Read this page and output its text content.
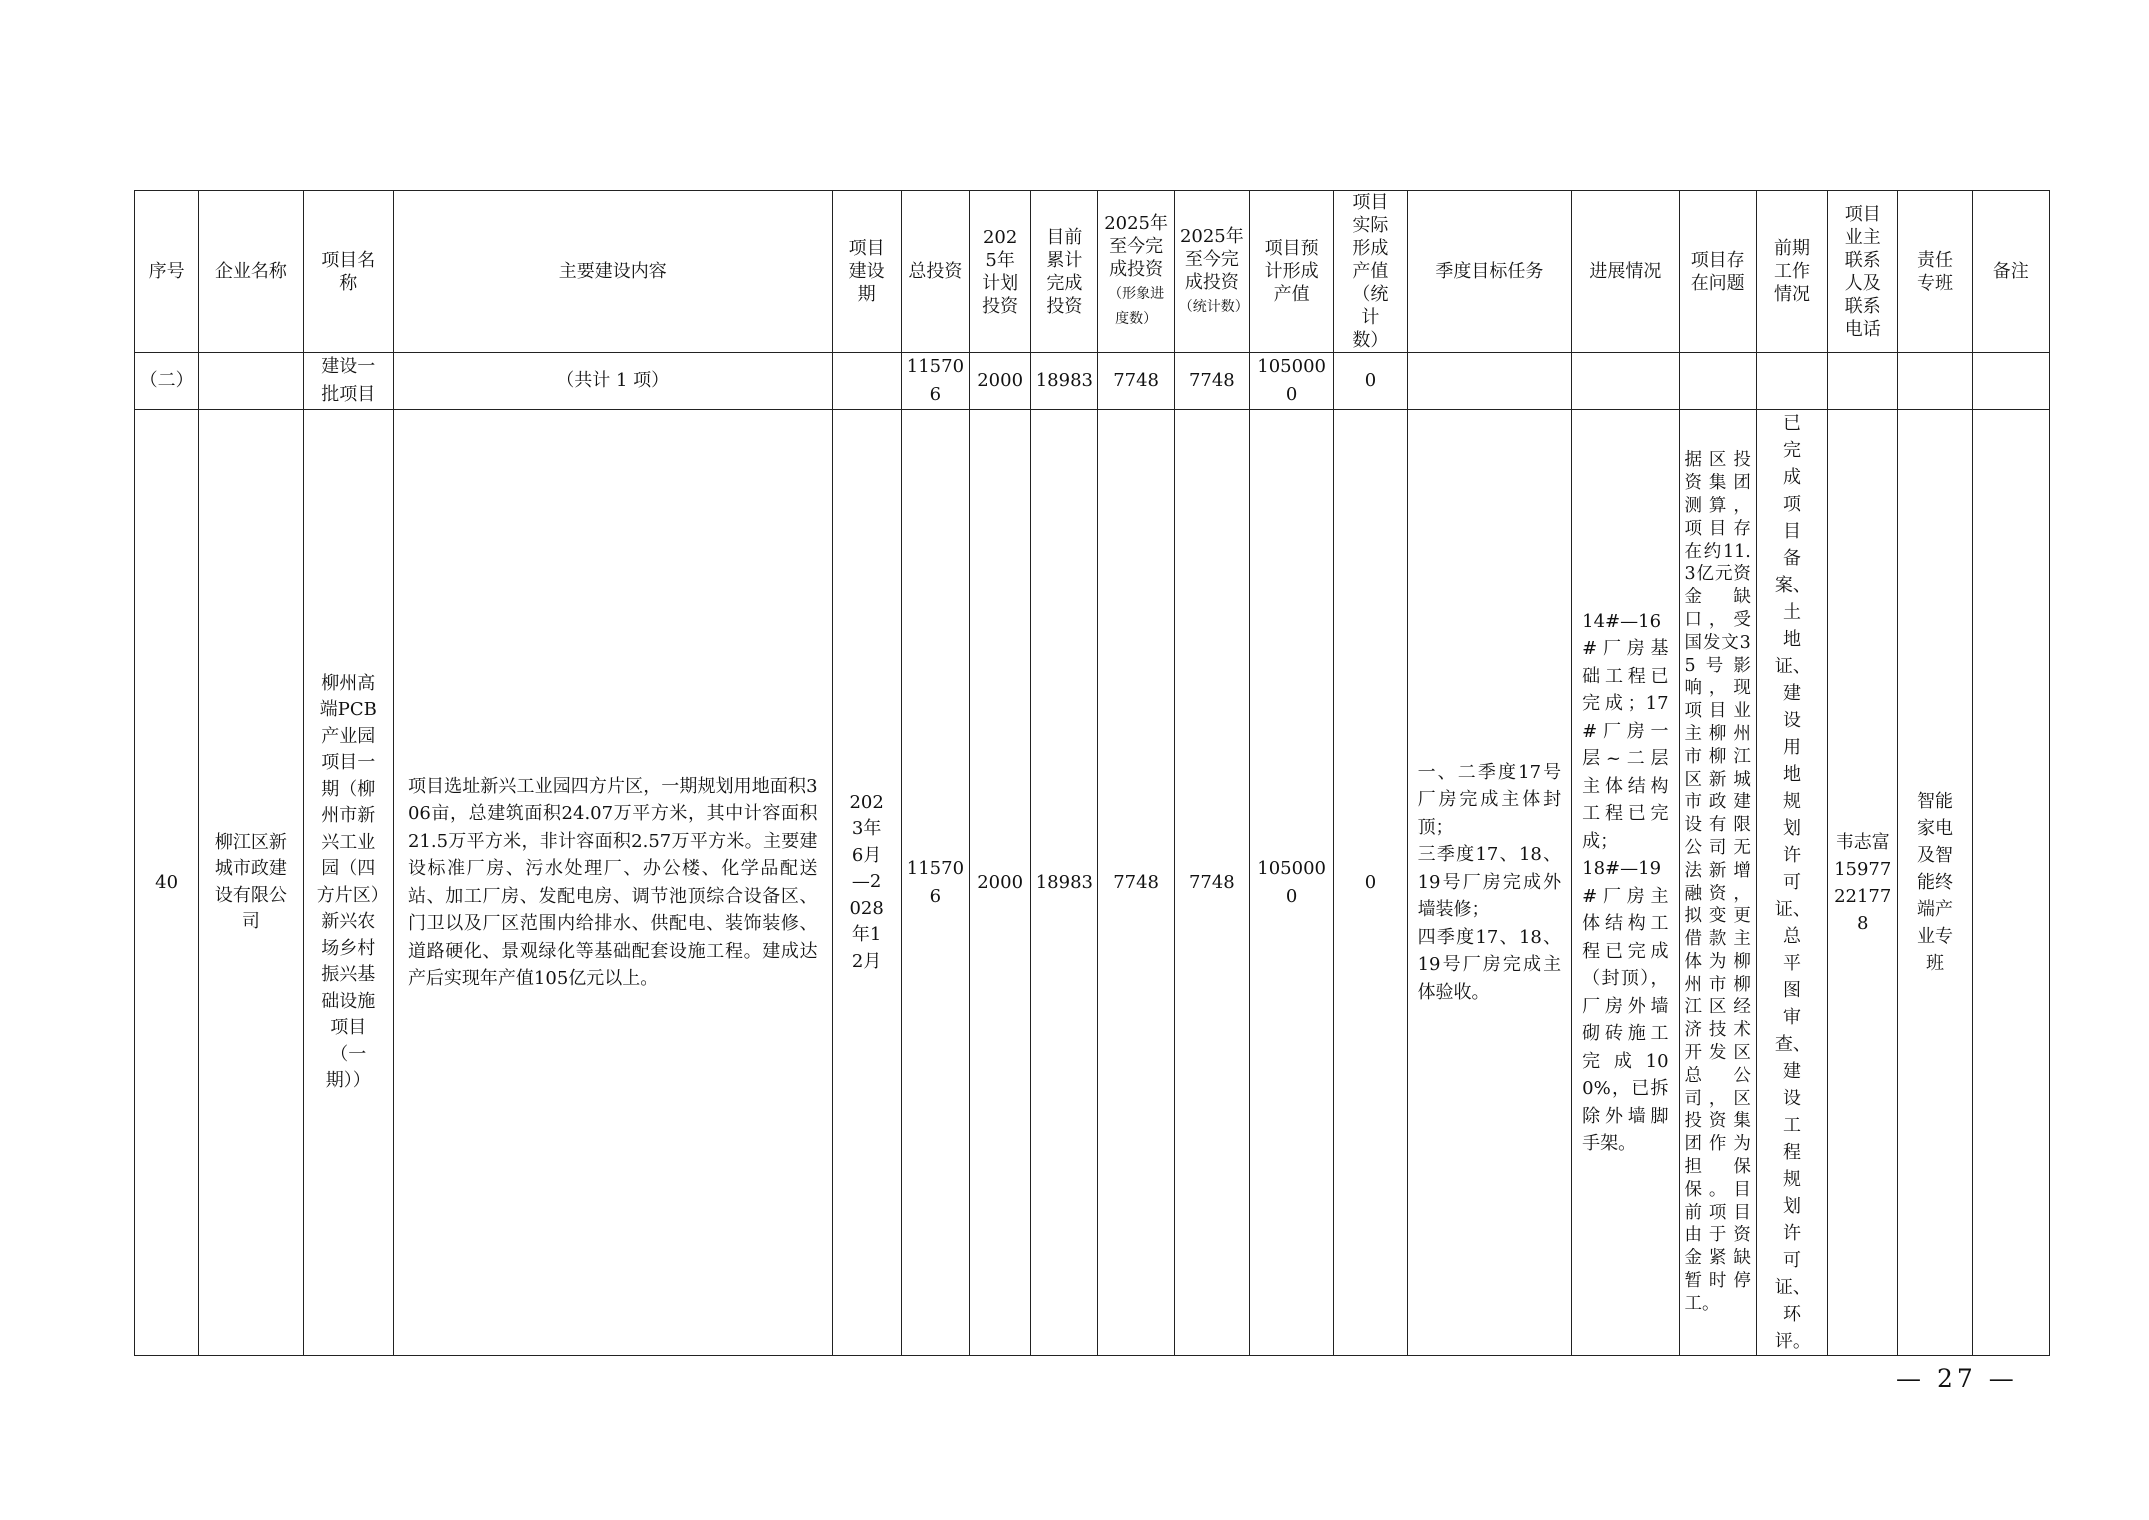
序号	企业名称	项目名称	主要建设内容	项目建设期	总投资	2025年计划投资	目前累计完成投资	2025年至今完成投资（形象进度数）	2025年至今完成投资（统计数）	项目预计形成产值	项目实际形成产值（统计数）	季度目标任务	进展情况	项目存在问题	前期工作情况	项目业主联系人及联系电话	责任专班	备注
（二）		建设一批项目	（共计 1 项）		115706	2000	18983	7748	7748	1050000	0							
40	柳江区新城市政建设有限公司	柳州高端PCB产业园项目一期（柳州市新兴工业园（四方片区）新兴农场乡村振兴基础设施项目（一期））	项目选址新兴工业园四方片区，一期规划用地面积306亩，总建筑面积24.07万平方米，其中计容面积21.5万平方米，非计容面积2.57万平方米。主要建设标准厂房、污水处理厂、办公楼、化学品配送站、加工厂房、发配电房、调节池顶综合设备区、门卫以及厂区范围内给排水、供配电、装饰装修、道路硬化、景观绿化等基础配套设施工程。建成达产后实现年产值105亿元以上。	2023年6月—2028年12月	115706	2000	18983	7748	7748	1050000	0	一、二季度17号厂房完成主体封顶；
三季度17、18、19号厂房完成外墙装修；
四季度17、18、19号厂房完成主体验收。	14#—16#厂房基础工程已完成；17#厂房一层~二层主体结构工程已完成；
18#—19#厂房主体结构工程已完成（封顶），厂房外墙砌砖施工完成100%，已拆除外墙脚手架。	据区投资集团测算，项目存在约11.3亿元资金缺口，受国发文35号影响，现项目业主柳州市柳江区新城市政建设有限公司无法新增融资，拟变更借款主体为柳州市柳江区经济技术开发区总公司，区投资集团作为担保保。目前项目由于资金紧缺暂时停工。	已完成项目备案、土地证、建设用地规划许可证、总平图审查、建设工程规划许可证、环评。	韦志富 15977221778	智能家电及智能终端产业专班	
— 27 —
